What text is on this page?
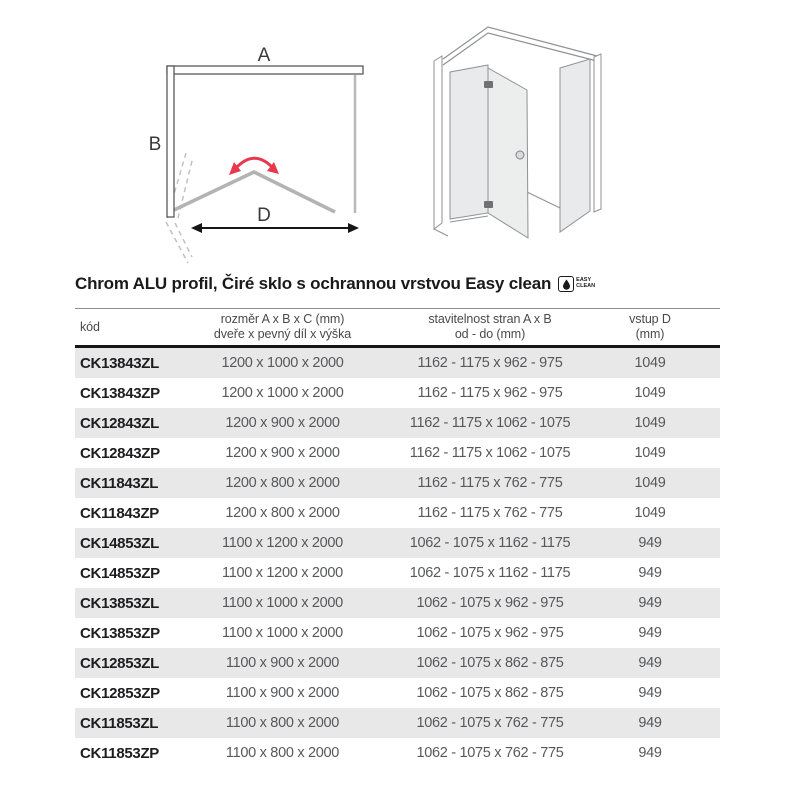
A
B
D
Chrom ALU profil, Čiré sklo s ochrannou vrstvou Easy clean	EASY
CLEAN
kód
rozměr A x B x C (mm)
dveře x pevný díl x výška
stavitelnost stran A x B
od - do (mm)
vstup D
(mm)
CK13843ZL	1200 x 1000 x 2000	1162 - 1175 x 962 - 975	1049
CK13843ZP	1200 x 1000 x 2000	1162 - 1175 x 962 - 975	1049
CK12843ZL	1200 x 900 x 2000	1162 - 1175 x 1062 - 1075	1049
CK12843ZP	1200 x 900 x 2000	1162 - 1175 x 1062 - 1075	1049
CK11843ZL	1200 x 800 x 2000	1162 - 1175 x 762 - 775	1049
CK11843ZP	1200 x 800 x 2000	1162 - 1175 x 762 - 775	1049
CK14853ZL	1100 x 1200 x 2000	1062 - 1075 x 1162 - 1175	949
CK14853ZP	1100 x 1200 x 2000	1062 - 1075 x 1162 - 1175	949
CK13853ZL	1100 x 1000 x 2000	1062 - 1075 x 962 - 975	949
CK13853ZP	1100 x 1000 x 2000	1062 - 1075 x 962 - 975	949
CK12853ZL	1100 x 900 x 2000	1062 - 1075 x 862 - 875	949
CK12853ZP	1100 x 900 x 2000	1062 - 1075 x 862 - 875	949
CK11853ZL	1100 x 800 x 2000	1062 - 1075 x 762 - 775	949
CK11853ZP	1100 x 800 x 2000	1062 - 1075 x 762 - 775	949
